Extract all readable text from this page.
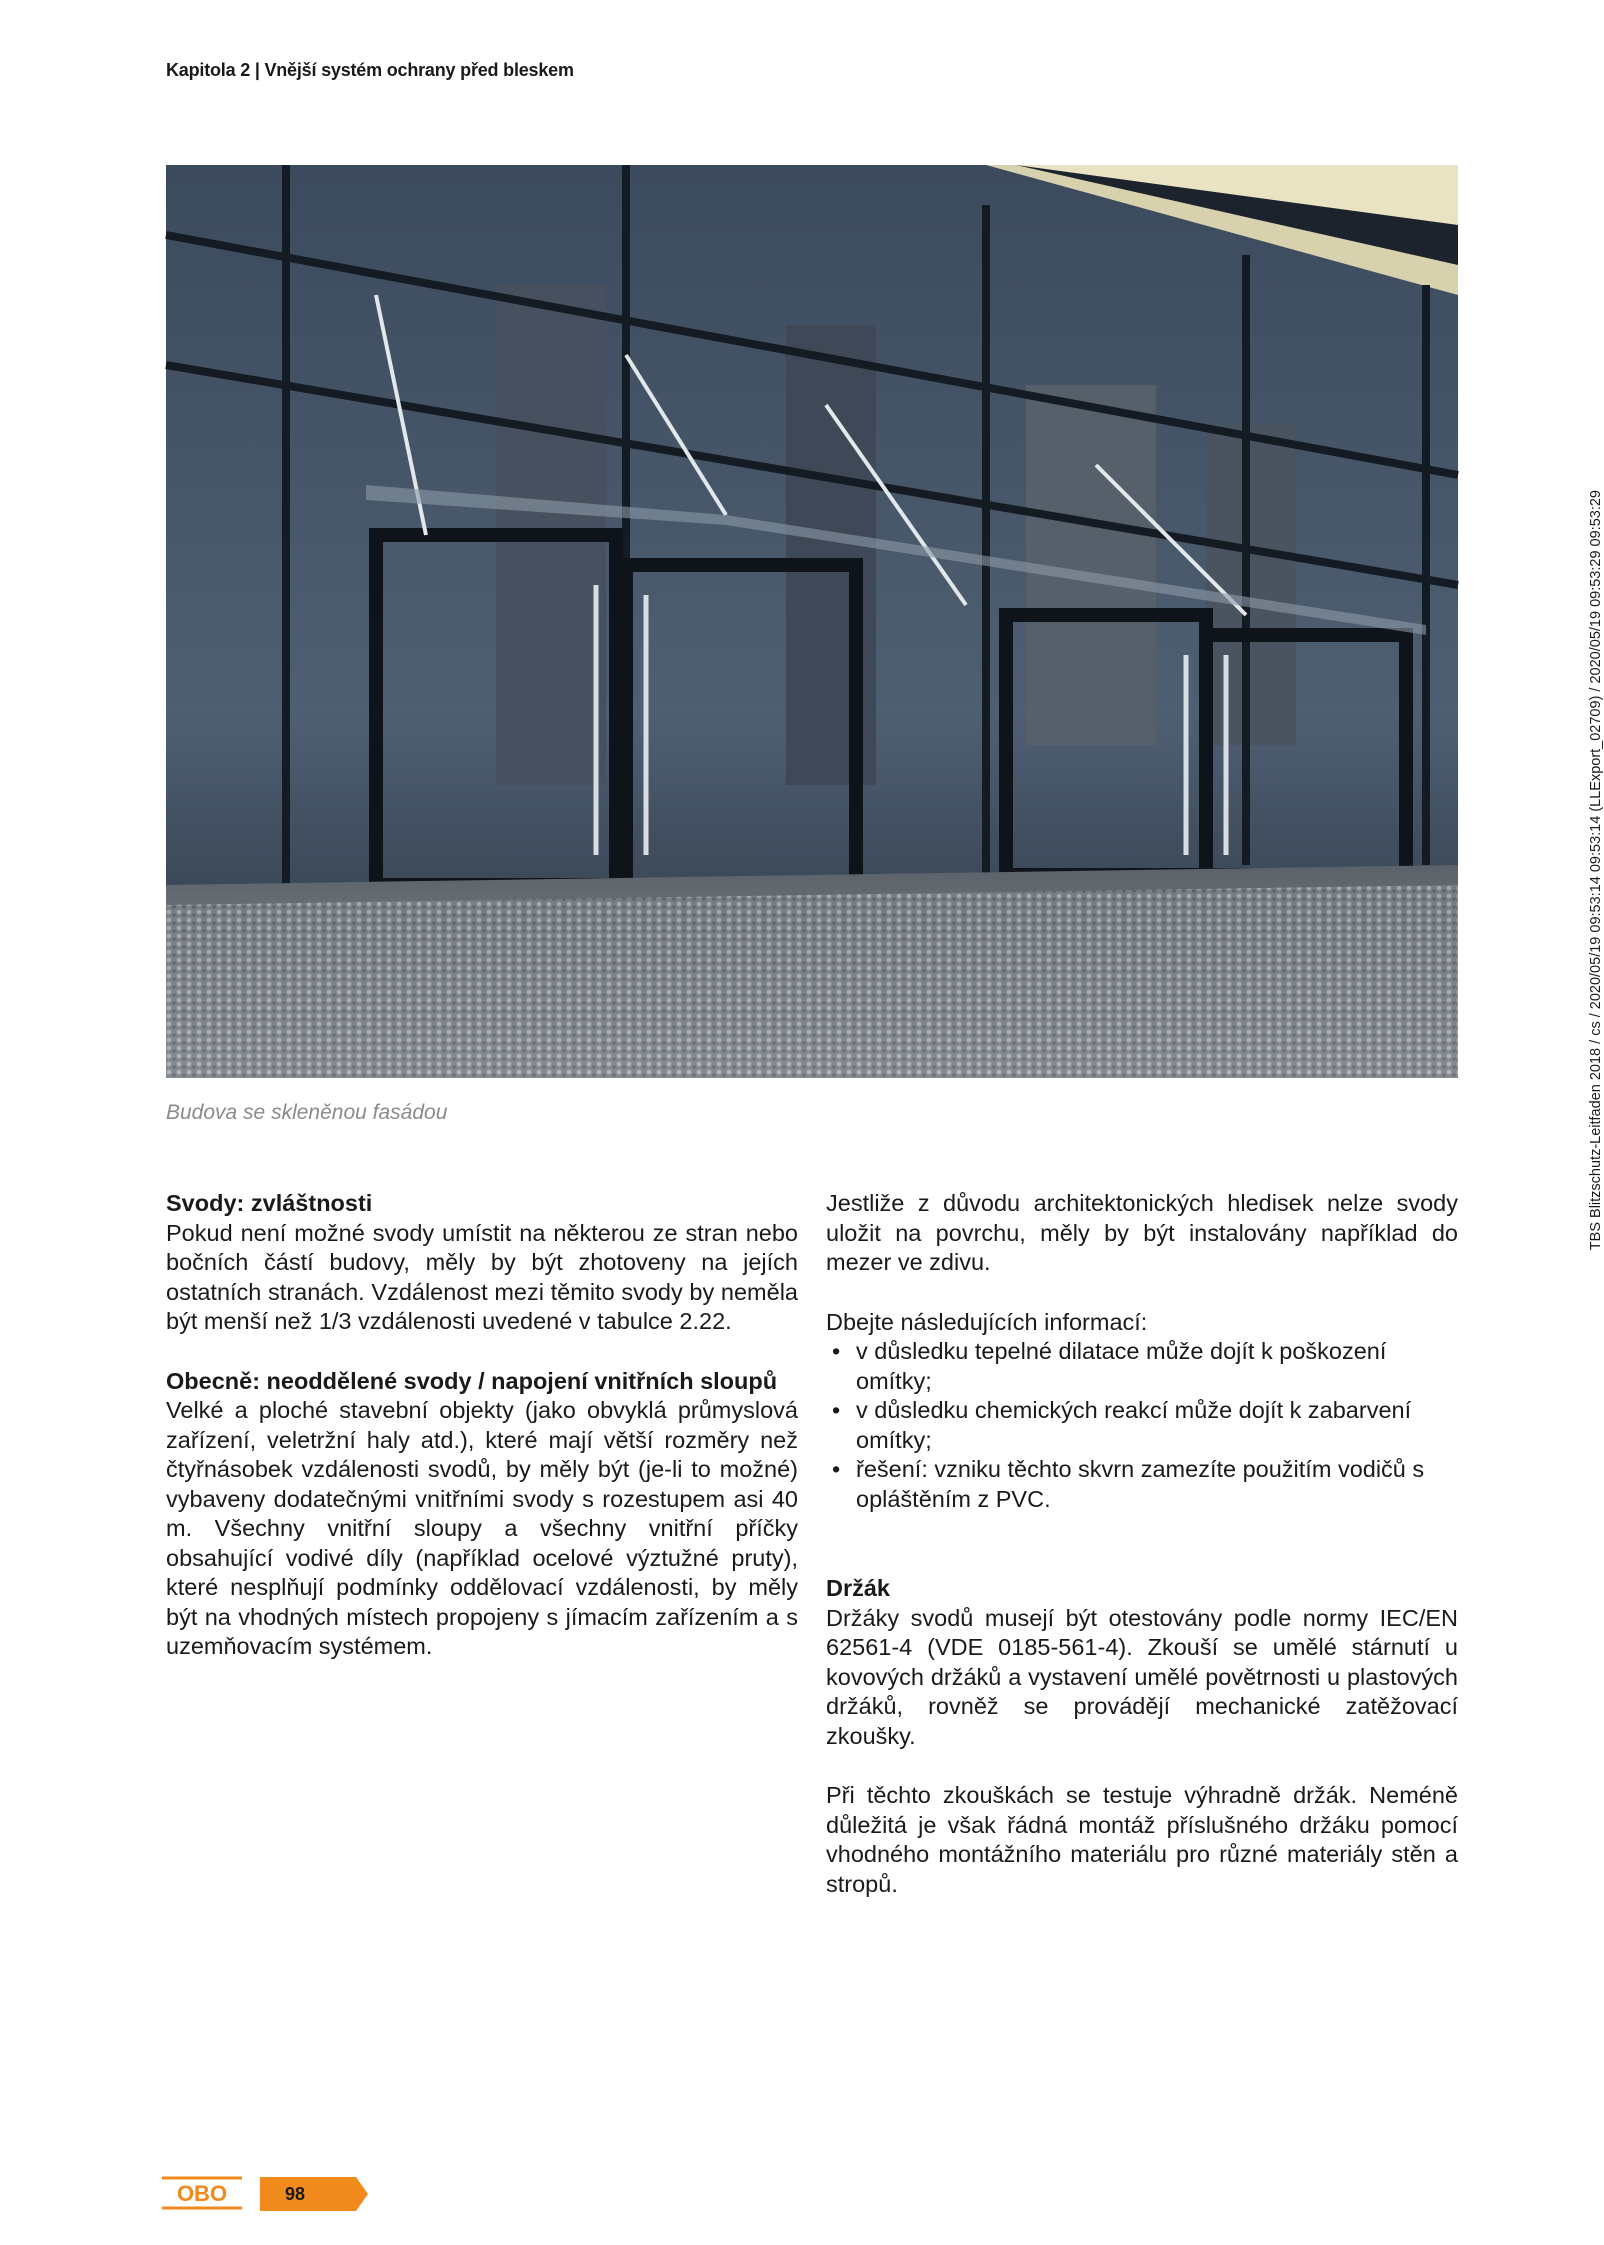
Kapitola 2 | Vnější systém ochrany před bleskem
Budova se skleněnou fasádou
Svody: zvláštnosti

Pokud není možné svody umístit na některou ze stran nebo bočních částí budovy, měly by být zhotoveny na jejích ostatních stranách. Vzdálenost mezi těmito svody by neměla být menší než 1/3 vzdálenosti uvedené v tabulce 2.22.

Obecně: neoddělené svody / napojení vnitřních sloupů

Velké a ploché stavební objekty (jako obvyklá průmyslová zařízení, veletržní haly atd.), které mají větší rozměry než čtyřnásobek vzdálenosti svodů, by měly být (je-li to možné) vybaveny dodatečnými vnitřními svody s rozestupem asi 40 m. Všechny vnitřní sloupy a všechny vnitřní příčky obsahující vodivé díly (například ocelové výztužné pruty), které nesplňují podmínky oddělovací vzdálenosti, by měly být na vhodných místech propojeny s jímacím zařízením a s uzemňovacím systémem.

Jestliže z důvodu architektonických hledisek nelze svody uložit na povrchu, měly by být instalovány například do mezer ve zdivu.

Dbejte následujících informací:

• v důsledku tepelné dilatace může dojít k poškození omítky;
• v důsledku chemických reakcí může dojít k zabarvení omítky;
• řešení: vzniku těchto skvrn zamezíte použitím vodičů s opláštěním z PVC.
Držák

Držáky svodů musejí být otestovány podle normy IEC/EN 62561-4 (VDE 0185-561-4). Zkouší se umělé stárnutí u kovových držáků a vystavení umělé povětrnosti u plastových držáků, rovněž se provádějí mechanické zatěžovací zkoušky.

Při těchto zkouškách se testuje výhradně držák. Neméně důležitá je však řádná montáž příslušného držáku pomocí vhodného montážního materiálu pro různé materiály stěn a stropů.

TBS Blitzschutz-Leitfaden 2018 / cs / 2020/05/19 09:53:14 09:53:14 (LLExport_02709) / 2020/05/19 09:53:29 09:53:29
OBO	98
